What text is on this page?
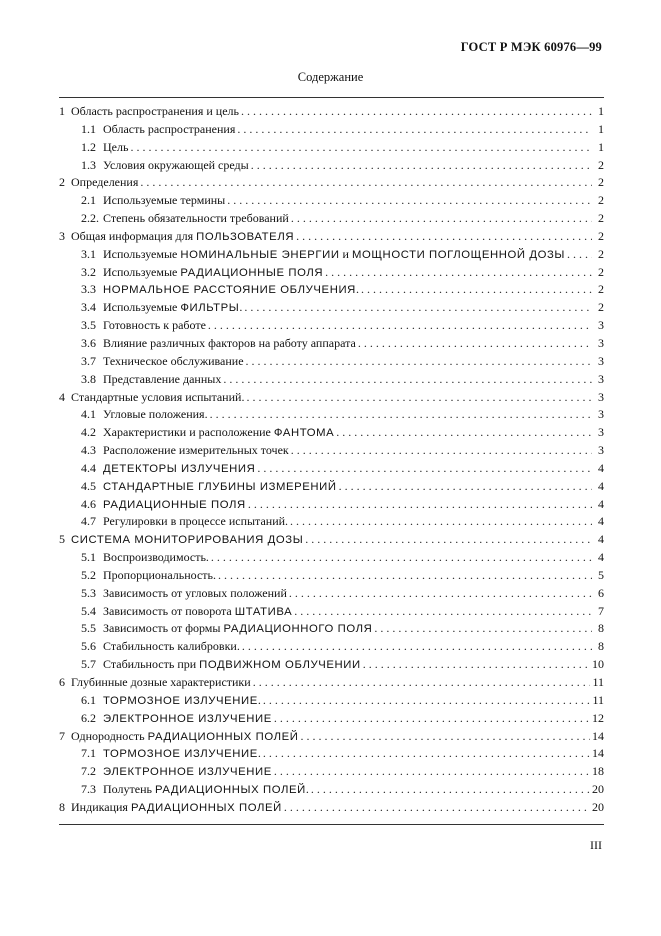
ГОСТ Р МЭК 60976—99
Содержание
1 Область распространения и цель . . .	1
1.1 Область распространения . . .	1
1.2 Цель . . .	1
1.3 Условия окружающей среды . . .	2
2 Определения . . .	2
2.1 Используемые термины . . .	2
2.2. Степень обязательности требований . . .	2
3 Общая информация для ПОЛЬЗОВАТЕЛЯ . . .	2
3.1 Используемые НОМИНАЛЬНЫЕ ЭНЕРГИИ и МОЩНОСТИ ПОГЛОЩЕННОЙ ДОЗЫ . . .	2
3.2 Используемые РАДИАЦИОННЫЕ ПОЛЯ . . .	2
3.3 НОРМАЛЬНОЕ РАССТОЯНИЕ ОБЛУЧЕНИЯ. . . .	2
3.4 Используемые ФИЛЬТРЫ. . . .	2
3.5 Готовность к работе . . .	3
3.6 Влияние различных факторов на работу аппарата . . .	3
3.7 Техническое обслуживание . . .	3
3.8 Представление данных . . .	3
4 Стандартные условия испытаний. . . .	3
4.1 Угловые положения. . . .	3
4.2 Характеристики и расположение ФАНТОМА . . .	3
4.3 Расположение измерительных точек . . .	3
4.4 ДЕТЕКТОРЫ ИЗЛУЧЕНИЯ . . .	4
4.5 СТАНДАРТНЫЕ ГЛУБИНЫ ИЗМЕРЕНИЙ . . .	4
4.6 РАДИАЦИОННЫЕ ПОЛЯ . . .	4
4.7 Регулировки в процессе испытаний. . . .	4
5 СИСТЕМА МОНИТОРИРОВАНИЯ ДОЗЫ . . .	4
5.1 Воспроизводимость. . . .	4
5.2 Пропорциональность. . . .	5
5.3 Зависимость от угловых положений . . .	6
5.4 Зависимость от поворота ШТАТИВА . . .	7
5.5 Зависимость от формы РАДИАЦИОННОГО ПОЛЯ . . .	8
5.6 Стабильность калибровки. . . .	8
5.7 Стабильность при ПОДВИЖНОМ ОБЛУЧЕНИИ . . .	10
6 Глубинные дозные характеристики . . .	11
6.1 ТОРМОЗНОЕ ИЗЛУЧЕНИЕ. . . .	11
6.2 ЭЛЕКТРОННОЕ ИЗЛУЧЕНИЕ . . .	12
7 Однородность РАДИАЦИОННЫХ ПОЛЕЙ . . .	14
7.1 ТОРМОЗНОЕ ИЗЛУЧЕНИЕ. . . .	14
7.2 ЭЛЕКТРОННОЕ ИЗЛУЧЕНИЕ . . .	18
7.3 Полутень РАДИАЦИОННЫХ ПОЛЕЙ. . . .	20
8 Индикация РАДИАЦИОННЫХ ПОЛЕЙ . . .	20
III
